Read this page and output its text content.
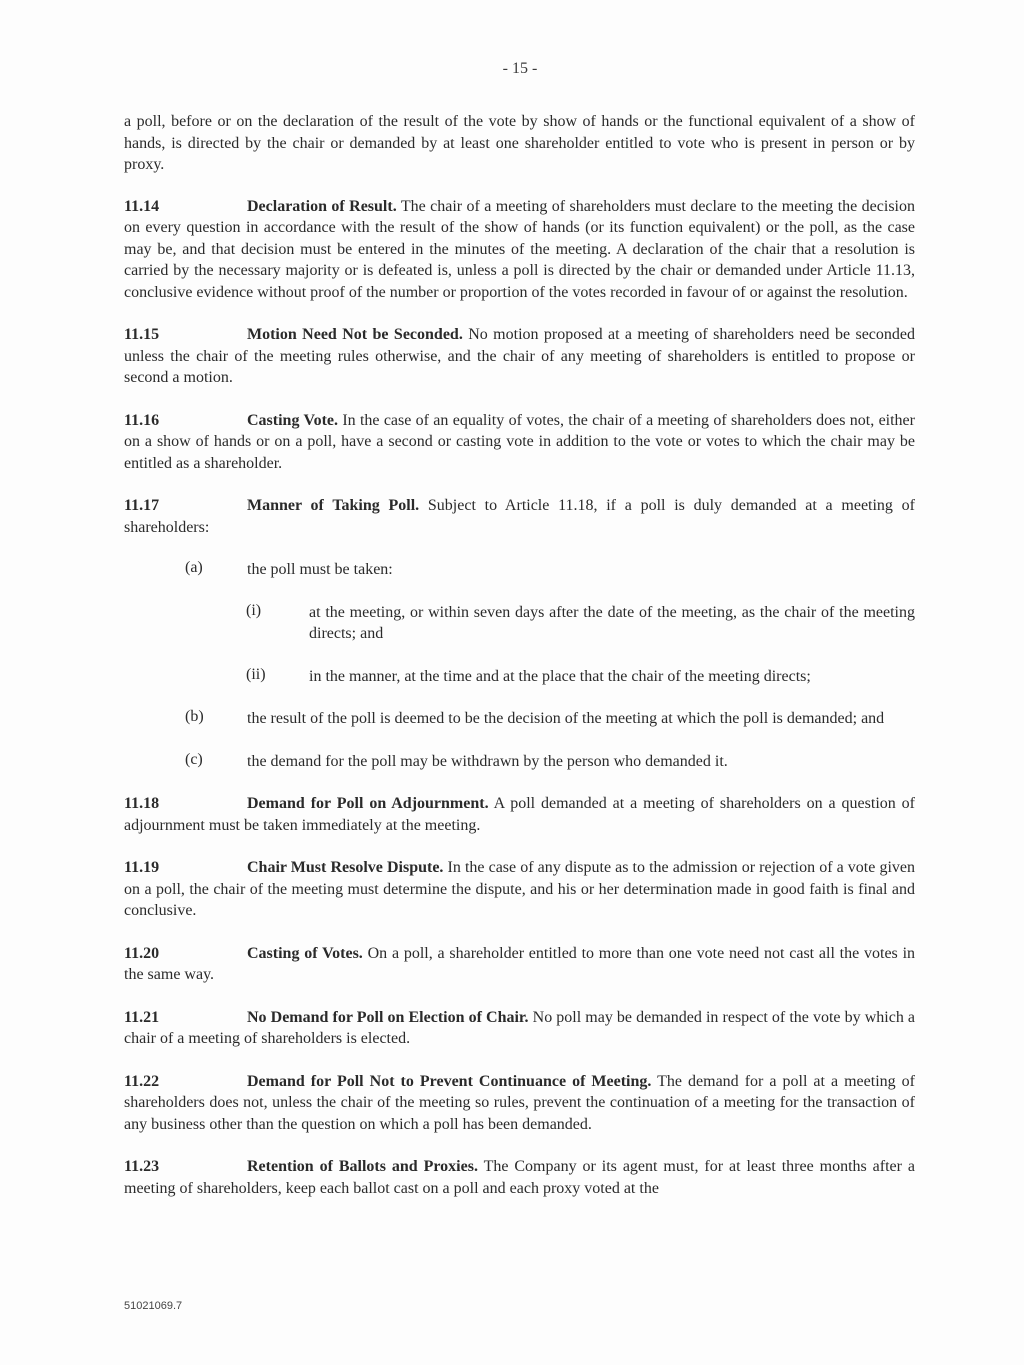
- 15 -

a poll, before or on the declaration of the result of the vote by show of hands or the functional equivalent of a show of hands, is directed by the chair or demanded by at least one shareholder entitled to vote who is present in person or by proxy.

11.14	Declaration of Result. The chair of a meeting of shareholders must declare to the meeting the decision on every question in accordance with the result of the show of hands (or its function equivalent) or the poll, as the case may be, and that decision must be entered in the minutes of the meeting. A declaration of the chair that a resolution is carried by the necessary majority or is defeated is, unless a poll is directed by the chair or demanded under Article 11.13, conclusive evidence without proof of the number or proportion of the votes recorded in favour of or against the resolution.

11.15	Motion Need Not be Seconded. No motion proposed at a meeting of shareholders need be seconded unless the chair of the meeting rules otherwise, and the chair of any meeting of shareholders is entitled to propose or second a motion.

11.16	Casting Vote. In the case of an equality of votes, the chair of a meeting of shareholders does not, either on a show of hands or on a poll, have a second or casting vote in addition to the vote or votes to which the chair may be entitled as a shareholder.

11.17	Manner of Taking Poll. Subject to Article 11.18, if a poll is duly demanded at a meeting of shareholders:

(a)	the poll must be taken:

(i)	at the meeting, or within seven days after the date of the meeting, as the chair of the meeting directs; and

(ii)	in the manner, at the time and at the place that the chair of the meeting directs;

(b)	the result of the poll is deemed to be the decision of the meeting at which the poll is demanded; and

(c)	the demand for the poll may be withdrawn by the person who demanded it.

11.18	Demand for Poll on Adjournment. A poll demanded at a meeting of shareholders on a question of adjournment must be taken immediately at the meeting.

11.19	Chair Must Resolve Dispute. In the case of any dispute as to the admission or rejection of a vote given on a poll, the chair of the meeting must determine the dispute, and his or her determination made in good faith is final and conclusive.

11.20	Casting of Votes. On a poll, a shareholder entitled to more than one vote need not cast all the votes in the same way.

11.21	No Demand for Poll on Election of Chair. No poll may be demanded in respect of the vote by which a chair of a meeting of shareholders is elected.

11.22	Demand for Poll Not to Prevent Continuance of Meeting. The demand for a poll at a meeting of shareholders does not, unless the chair of the meeting so rules, prevent the continuation of a meeting for the transaction of any business other than the question on which a poll has been demanded.

11.23	Retention of Ballots and Proxies. The Company or its agent must, for at least three months after a meeting of shareholders, keep each ballot cast on a poll and each proxy voted at the

51021069.7
